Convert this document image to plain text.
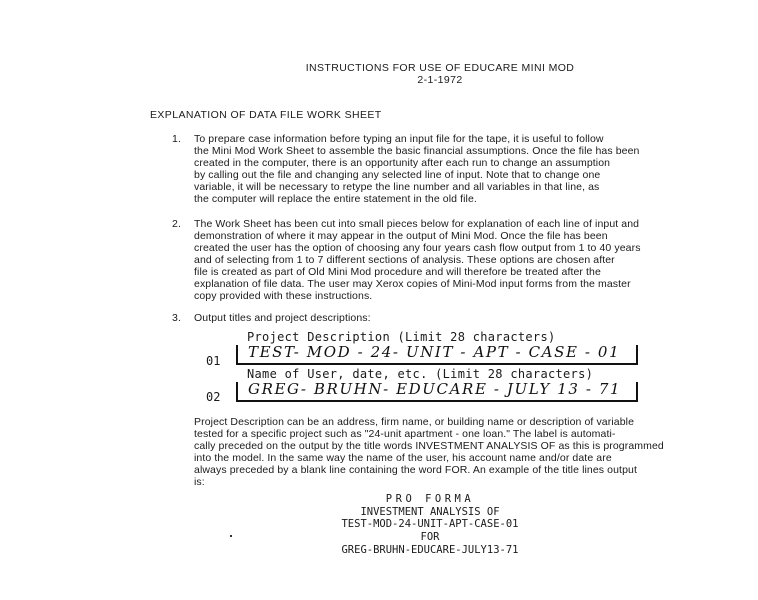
INSTRUCTIONS FOR USE OF EDUCARE MINI MOD
2-1-1972
EXPLANATION OF DATA FILE WORK SHEET
1. To prepare case information before typing an input file for the tape, it is useful to follow
the Mini Mod Work Sheet to assemble the basic financial assumptions. Once the file has been
created in the computer, there is an opportunity after each run to change an assumption
by calling out the file and changing any selected line of input. Note that to change one
variable, it will be necessary to retype the line number and all variables in that line, as
the computer will replace the entire statement in the old file.
2. The Work Sheet has been cut into small pieces below for explanation of each line of input and
demonstration of where it may appear in the output of Mini Mod. Once the file has been
created the user has the option of choosing any four years cash flow output from 1 to 40 years
and of selecting from 1 to 7 different sections of analysis. These options are chosen after
file is created as part of Old Mini Mod procedure and will therefore be treated after the
explanation of file data. The user may Xerox copies of Mini-Mod input forms from the master
copy provided with these instructions.
3. Output titles and project descriptions:
Project Description (Limit 28 characters)
01 TEST- MOD - 24- UNIT - APT - CASE - 01
Name of User, date, etc. (Limit 28 characters)
02 GREG- BRUHN- EDUCARE - JULY 13 - 71
Project Description can be an address, firm name, or building name or description of variable
tested for a specific project such as "24-unit apartment - one loan." The label is automati-
cally preceded on the output by the title words INVESTMENT ANALYSIS OF as this is programmed
into the model. In the same way the name of the user, his account name and/or date are
always preceded by a blank line containing the word FOR. An example of the title lines output
is:
PRO FORMA
INVESTMENT ANALYSIS OF
TEST-MOD-24-UNIT-APT-CASE-01
FOR
GREG-BRUHN-EDUCARE-JULY13-71
